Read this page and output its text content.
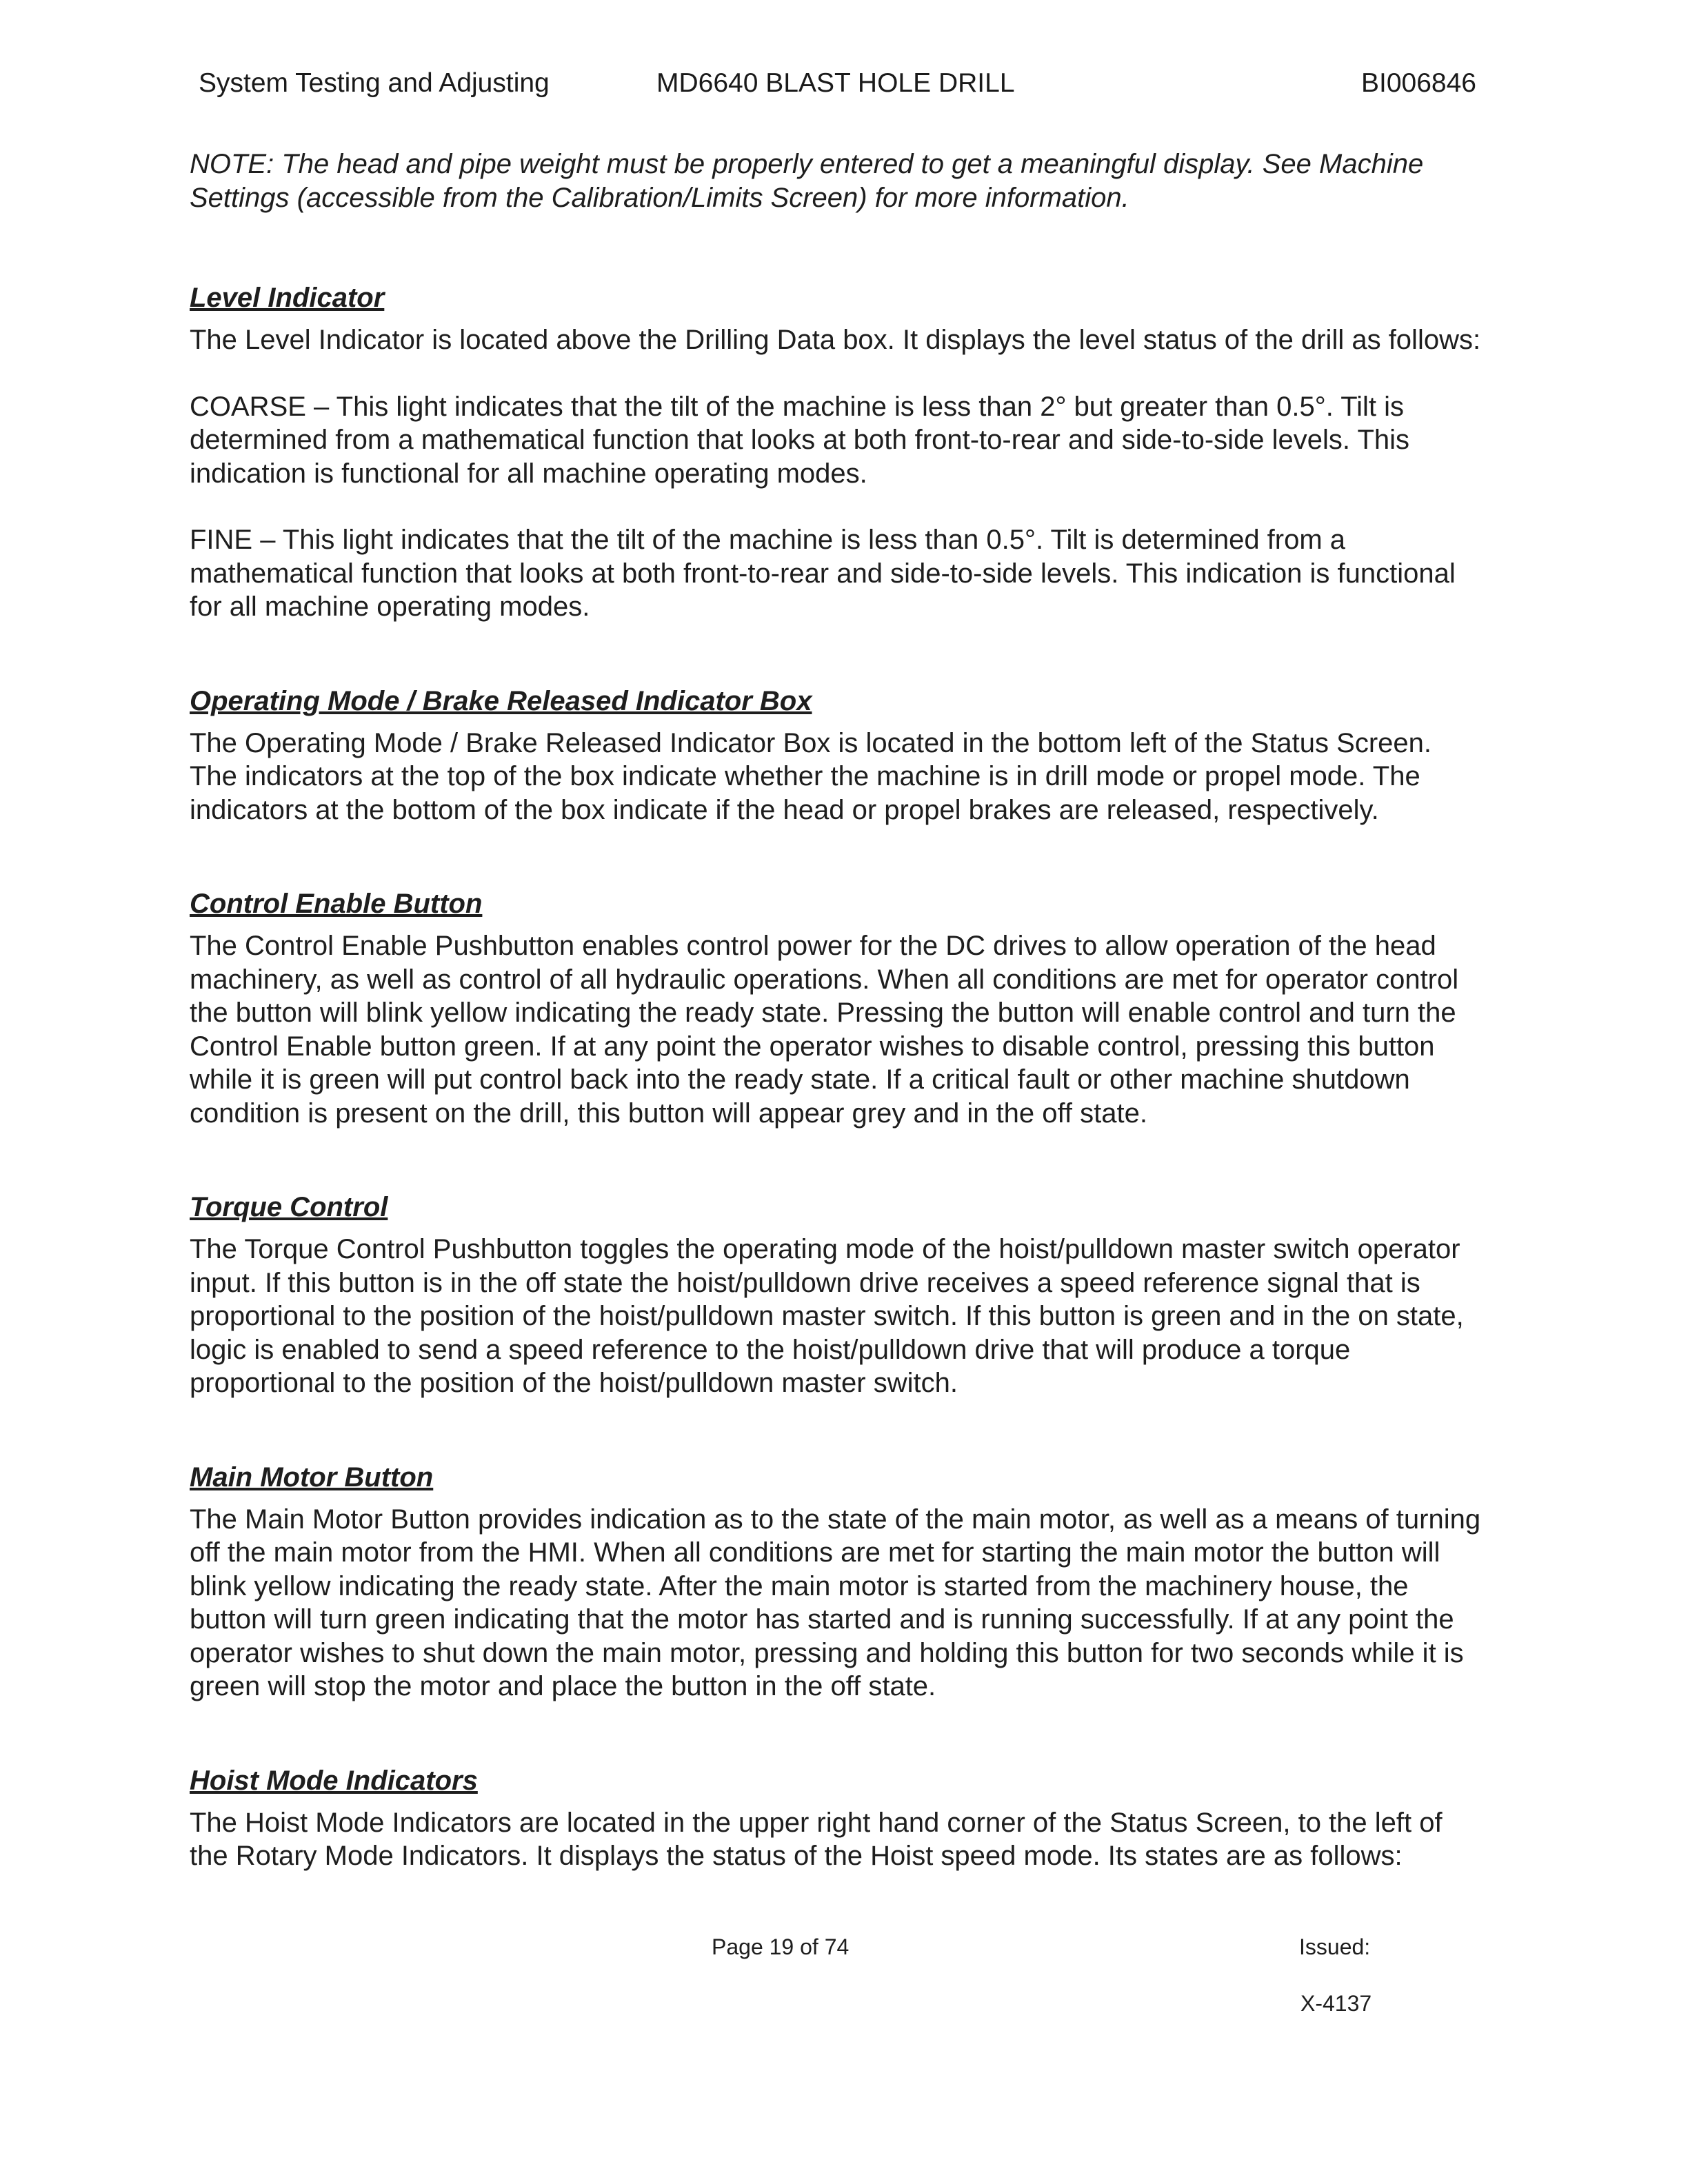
System Testing and Adjusting	MD6640 BLAST HOLE DRILL	BI006846

NOTE: The head and pipe weight must be properly entered to get a meaningful display. See Machine Settings (accessible from the Calibration/Limits Screen) for more information.

Level Indicator

The Level Indicator is located above the Drilling Data box. It displays the level status of the drill as follows:

COARSE – This light indicates that the tilt of the machine is less than 2° but greater than 0.5°. Tilt is determined from a mathematical function that looks at both front-to-rear and side-to-side levels. This indication is functional for all machine operating modes.

FINE – This light indicates that the tilt of the machine is less than 0.5°. Tilt is determined from a mathematical function that looks at both front-to-rear and side-to-side levels. This indication is functional for all machine operating modes.

Operating Mode / Brake Released Indicator Box

The Operating Mode / Brake Released Indicator Box is located in the bottom left of the Status Screen. The indicators at the top of the box indicate whether the machine is in drill mode or propel mode. The indicators at the bottom of the box indicate if the head or propel brakes are released, respectively.

Control Enable Button

The Control Enable Pushbutton enables control power for the DC drives to allow operation of the head machinery, as well as control of all hydraulic operations. When all conditions are met for operator control the button will blink yellow indicating the ready state. Pressing the button will enable control and turn the Control Enable button green. If at any point the operator wishes to disable control, pressing this button while it is green will put control back into the ready state. If a critical fault or other machine shutdown condition is present on the drill, this button will appear grey and in the off state.

Torque Control

The Torque Control Pushbutton toggles the operating mode of the hoist/pulldown master switch operator input. If this button is in the off state the hoist/pulldown drive receives a speed reference signal that is proportional to the position of the hoist/pulldown master switch. If this button is green and in the on state, logic is enabled to send a speed reference to the hoist/pulldown drive that will produce a torque proportional to the position of the hoist/pulldown master switch.

Main Motor Button

The Main Motor Button provides indication as to the state of the main motor, as well as a means of turning off the main motor from the HMI. When all conditions are met for starting the main motor the button will blink yellow indicating the ready state. After the main motor is started from the machinery house, the button will turn green indicating that the motor has started and is running successfully. If at any point the operator wishes to shut down the main motor, pressing and holding this button for two seconds while it is green will stop the motor and place the button in the off state.

Hoist Mode Indicators

The Hoist Mode Indicators are located in the upper right hand corner of the Status Screen, to the left of the Rotary Mode Indicators. It displays the status of the Hoist speed mode. Its states are as follows:

Page 19 of 74	Issued:
X-4137
